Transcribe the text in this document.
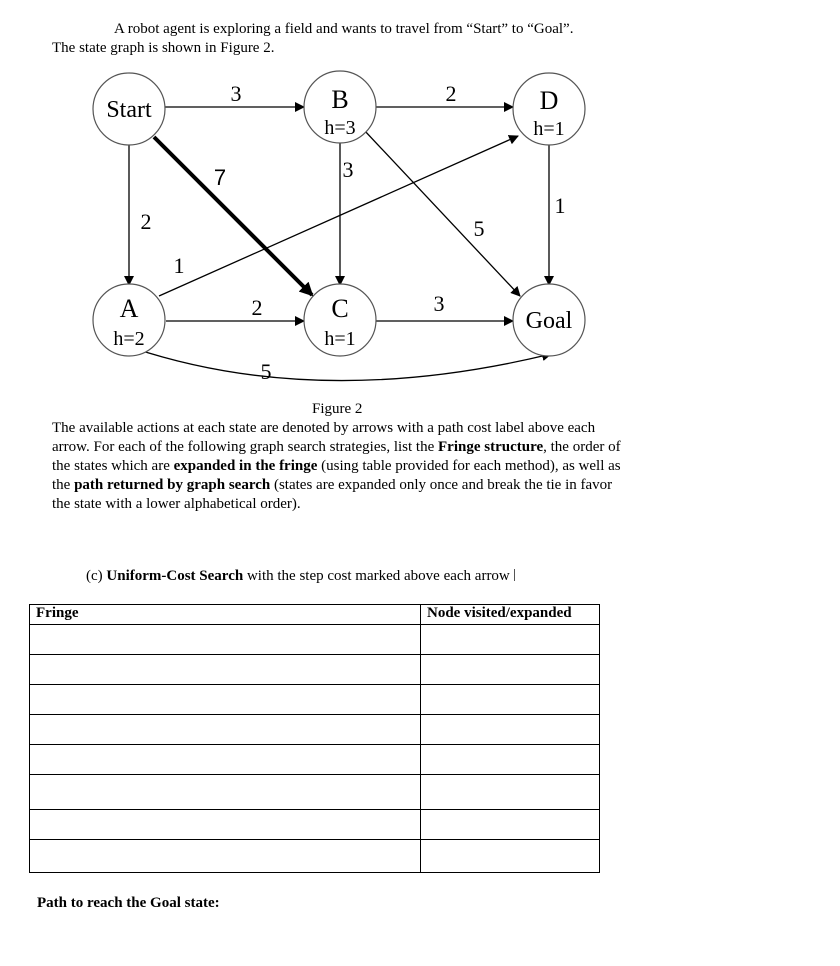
A robot agent is exploring a field and wants to travel from “Start” to “Goal”.
The state graph is shown in Figure 2.
3	2
2
7	3
5
1
1
2	3
5
Start	B
h=3
D
h=1
A
h=2
C
h=1
Goal
Figure 2
The available actions at each state are denoted by arrows with a path cost label above each arrow. For each of the following graph search strategies, list the Fringe structure, the order of the states which are expanded in the fringe (using table provided for each method), as well as the path returned by graph search (states are expanded only once and break the tie in favor the state with a lower alphabetical order).
(c) Uniform-Cost Search with the step cost marked above each arrow
Fringe	Node visited/expanded

Path to reach the Goal state:
